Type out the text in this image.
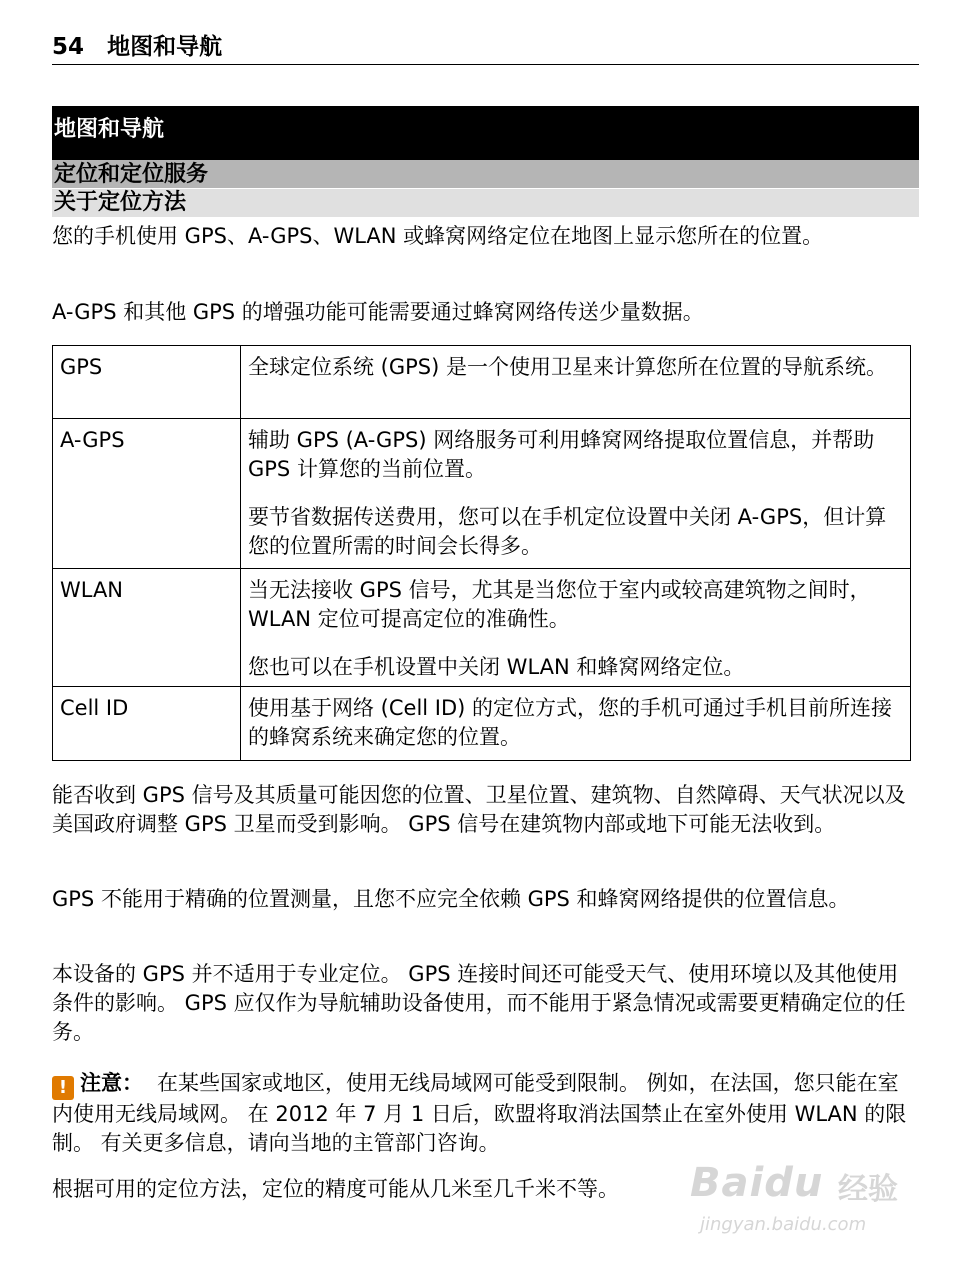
54 地图和导航
地图和导航
定位和定位服务
关于定位方法

您的手机使用 GPS、A-GPS、WLAN 或蜂窝网络定位在地图上显示您所在的位置。

A-GPS 和其他 GPS 的增强功能可能需要通过蜂窝网络传送少量数据。

GPS	全球定位系统 (GPS) 是一个使用卫星来计算您所在位置的导航系统。

A-GPS	辅助 GPS (A-GPS) 网络服务可利用蜂窝网络提取位置信息，并帮助 GPS 计算您的当前位置。

要节省数据传送费用，您可以在手机定位设置中关闭 A-GPS，但计算您的位置所需的时间会长得多。

WLAN	当无法接收 GPS 信号，尤其是当您位于室内或较高建筑物之间时，WLAN 定位可提高定位的准确性。

您也可以在手机设置中关闭 WLAN 和蜂窝网络定位。

Cell ID	使用基于网络 (Cell ID) 的定位方式，您的手机可通过手机目前所连接的蜂窝系统来确定您的位置。

能否收到 GPS 信号及其质量可能因您的位置、卫星位置、建筑物、自然障碍、天气状况以及美国政府调整 GPS 卫星而受到影响。 GPS 信号在建筑物内部或地下可能无法收到。

GPS 不能用于精确的位置测量，且您不应完全依赖 GPS 和蜂窝网络提供的位置信息。

本设备的 GPS 并不适用于专业定位。 GPS 连接时间还可能受天气、使用环境以及其他使用条件的影响。 GPS 应仅作为导航辅助设备使用，而不能用于紧急情况或需要更精确定位的任务。

! 注意： 在某些国家或地区，使用无线局域网可能受到限制。 例如，在法国，您只能在室内使用无线局域网。 在 2012 年 7 月 1 日后，欧盟将取消法国禁止在室外使用 WLAN 的限制。 有关更多信息，请向当地的主管部门咨询。

根据可用的定位方法，定位的精度可能从几米至几千米不等。	Baidu 经验
jingyan.baidu.com
